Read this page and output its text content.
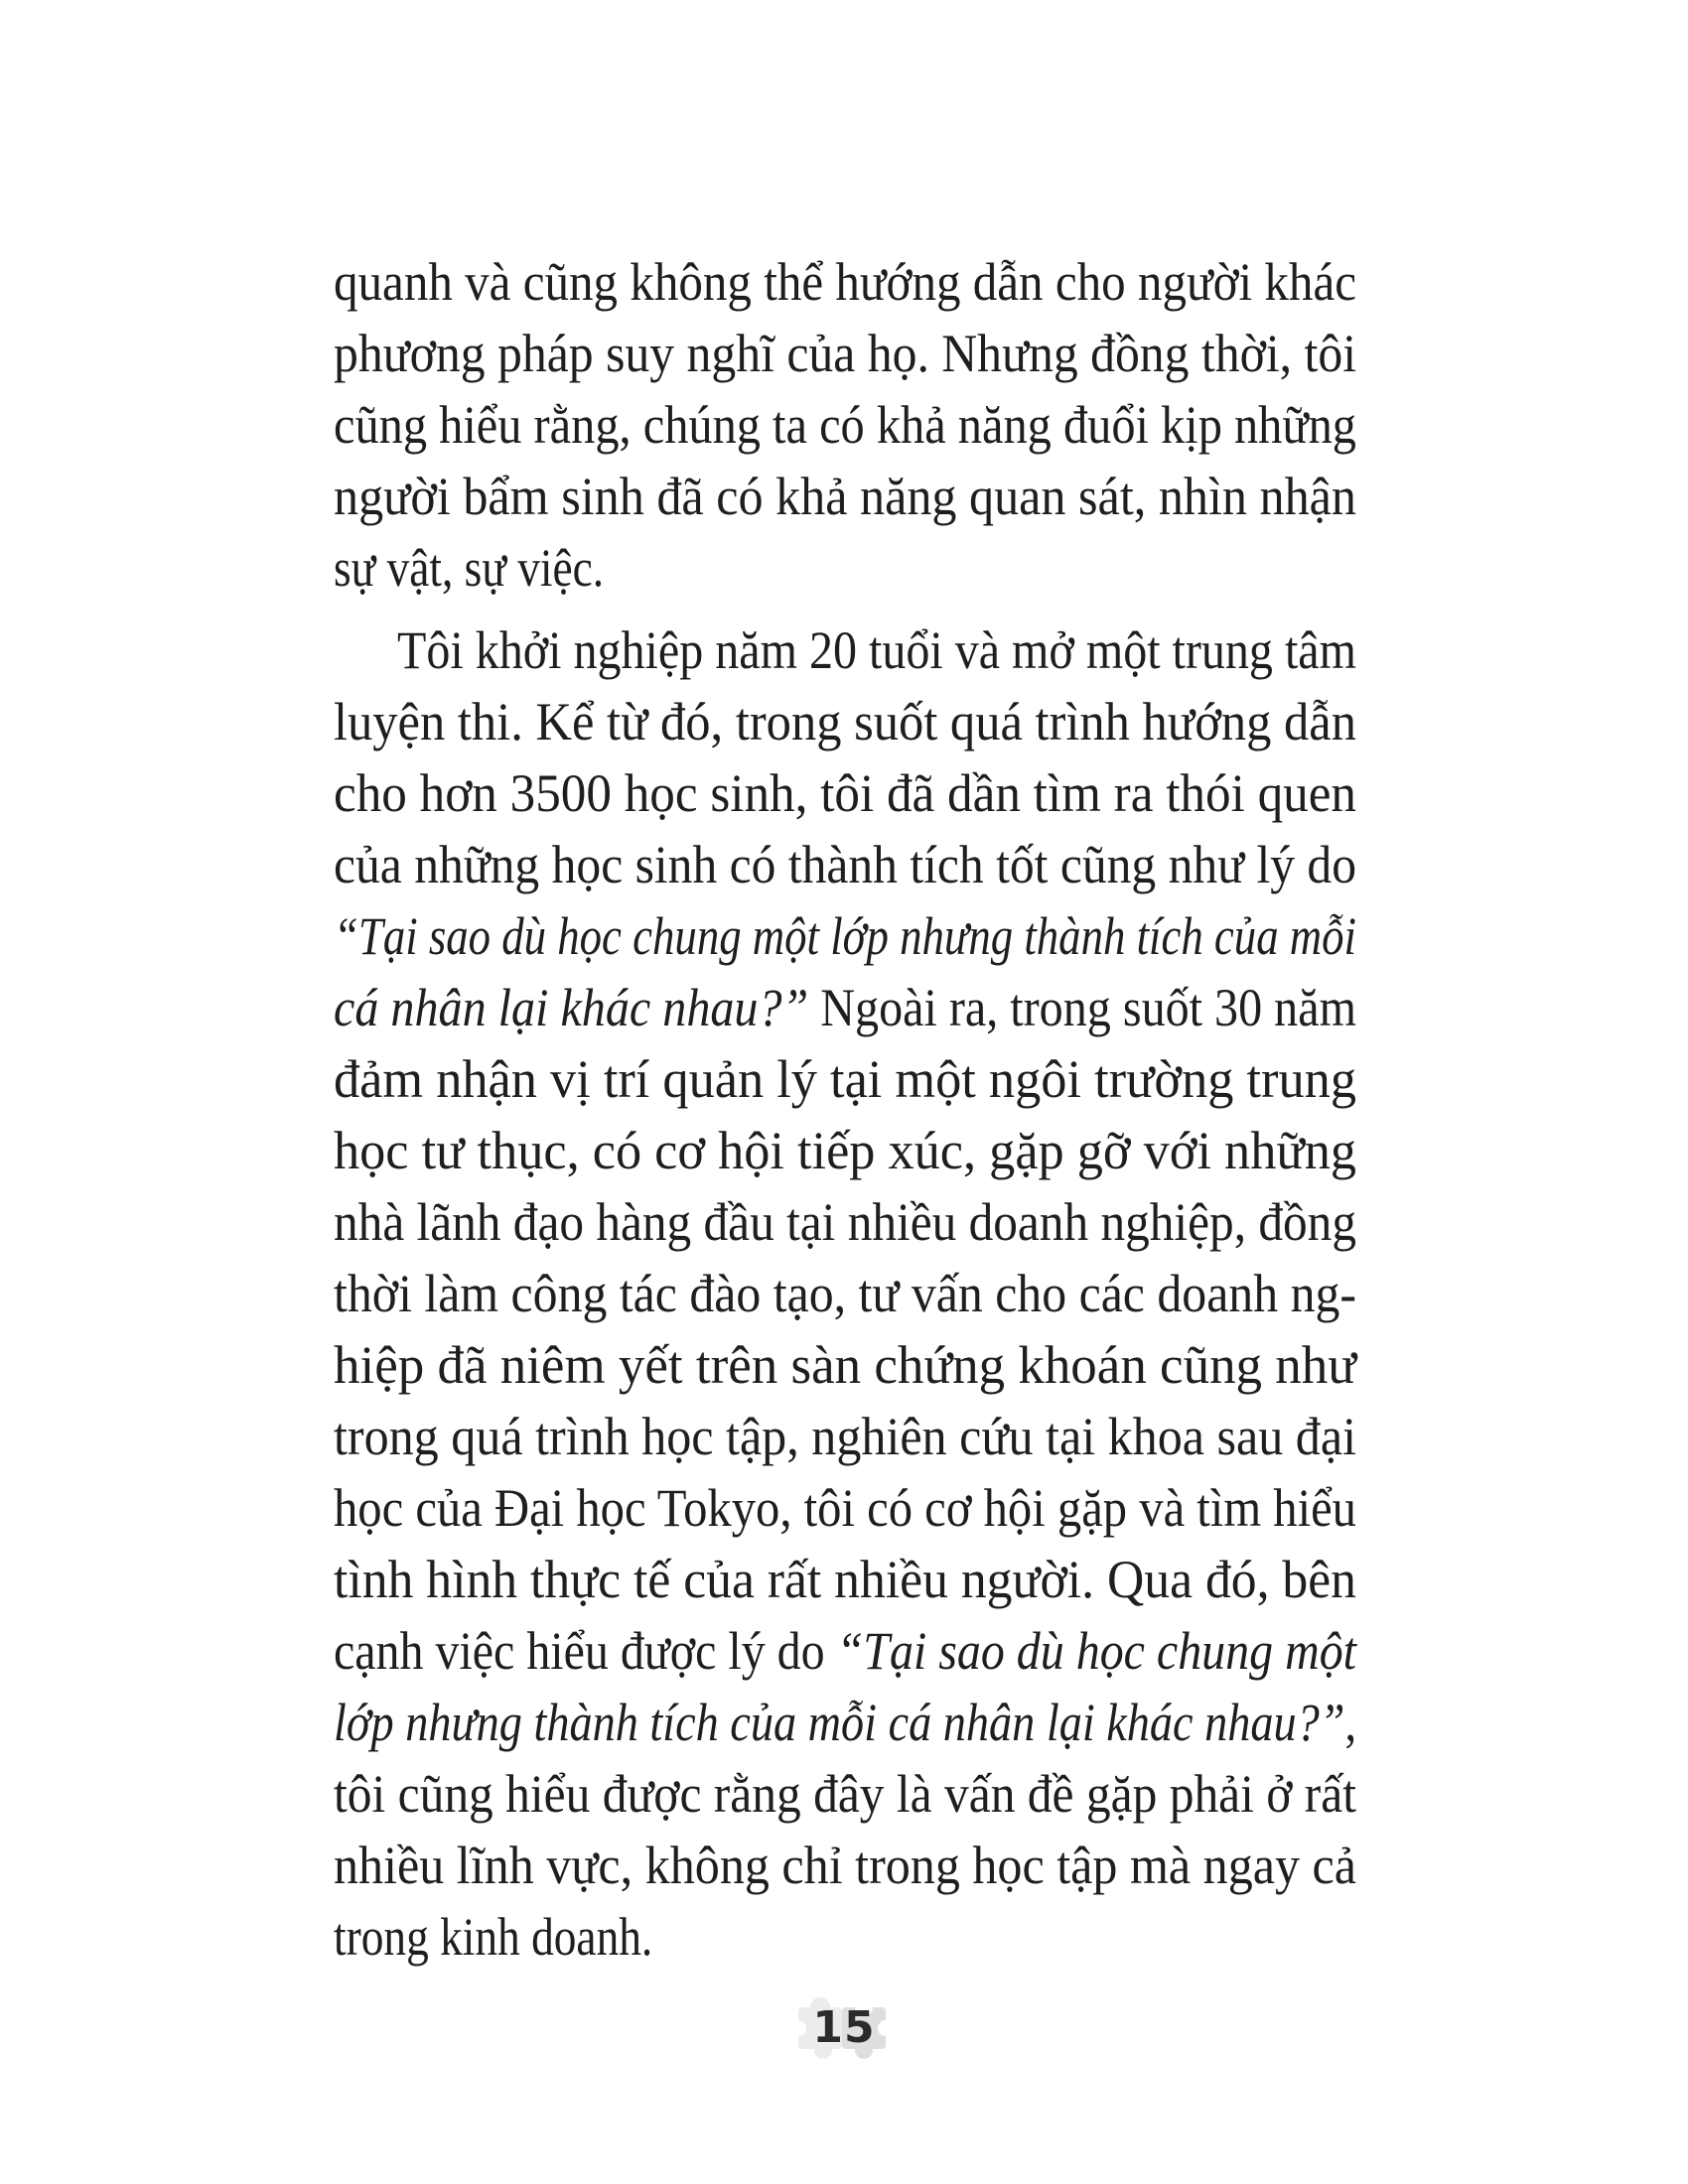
quanh và cũng không thể hướng dẫn cho người khác
phương pháp suy nghĩ của họ. Nhưng đồng thời, tôi
cũng hiểu rằng, chúng ta có khả năng đuổi kịp những
người bẩm sinh đã có khả năng quan sát, nhìn nhận
sự vật, sự việc.
Tôi khởi nghiệp năm 20 tuổi và mở một trung tâm
luyện thi. Kể từ đó, trong suốt quá trình hướng dẫn
cho hơn 3500 học sinh, tôi đã dần tìm ra thói quen
của những học sinh có thành tích tốt cũng như lý do
“Tại sao dù học chung một lớp nhưng thành tích của mỗi
cá nhân lại khác nhau?” Ngoài ra, trong suốt 30 năm
đảm nhận vị trí quản lý tại một ngôi trường trung
học tư thục, có cơ hội tiếp xúc, gặp gỡ với những
nhà lãnh đạo hàng đầu tại nhiều doanh nghiệp, đồng
thời làm công tác đào tạo, tư vấn cho các doanh ng-
hiệp đã niêm yết trên sàn chứng khoán cũng như
trong quá trình học tập, nghiên cứu tại khoa sau đại
học của Đại học Tokyo, tôi có cơ hội gặp và tìm hiểu
tình hình thực tế của rất nhiều người. Qua đó, bên
cạnh việc hiểu được lý do “Tại sao dù học chung một
lớp nhưng thành tích của mỗi cá nhân lại khác nhau?”,
tôi cũng hiểu được rằng đây là vấn đề gặp phải ở rất
nhiều lĩnh vực, không chỉ trong học tập mà ngay cả
trong kinh doanh.
15
